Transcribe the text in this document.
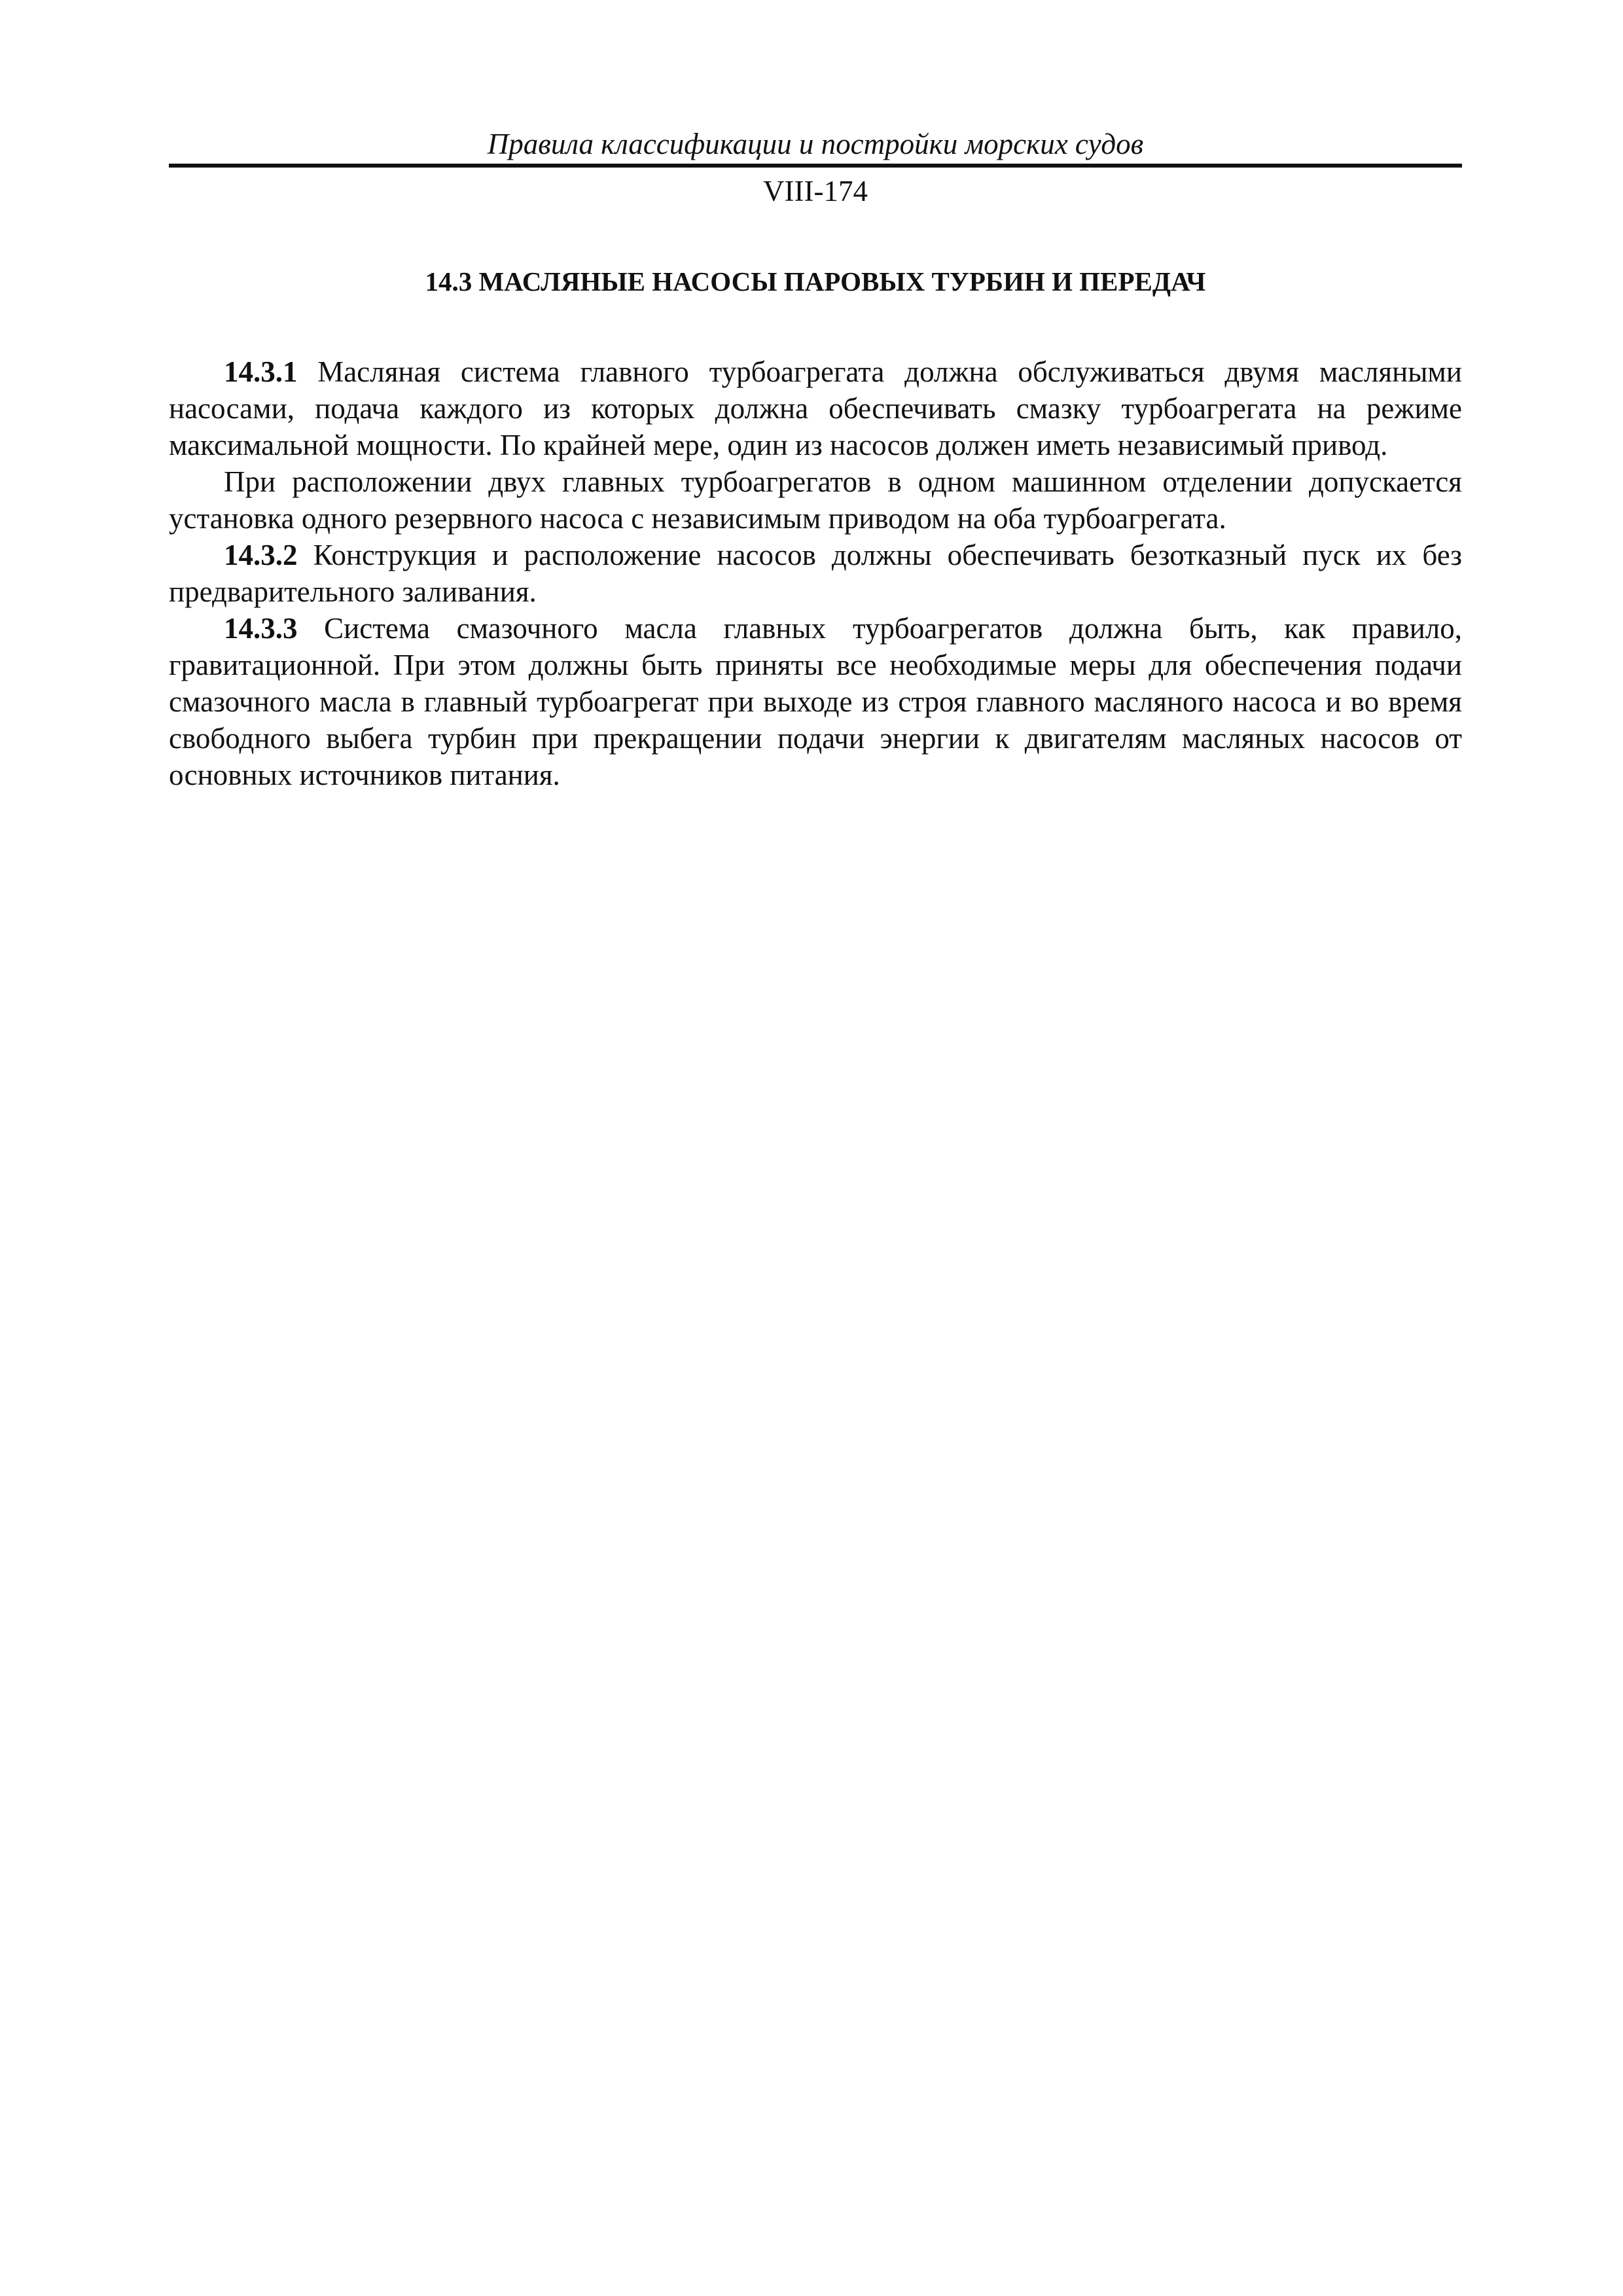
Правила классификации и постройки морских судов
VIII-174
14.3 МАСЛЯНЫЕ НАСОСЫ ПАРОВЫХ ТУРБИН И ПЕРЕДАЧ

14.3.1 Масляная система главного турбоагрегата должна обслуживаться двумя масляными насосами, подача каждого из которых должна обеспечивать смазку турбоагрегата на режиме максимальной мощности. По крайней мере, один из насосов должен иметь независимый привод.

При расположении двух главных турбоагрегатов в одном машинном отделении допускается установка одного резервного насоса с независимым приводом на оба турбоагрегата.

14.3.2 Конструкция и расположение насосов должны обеспечивать безотказный пуск их без предварительного заливания.

14.3.3 Система смазочного масла главных турбоагрегатов должна быть, как правило, гравитационной. При этом должны быть приняты все необходимые меры для обеспечения подачи смазочного масла в главный турбоагрегат при выходе из строя главного масляного насоса и во время свободного выбега турбин при прекращении подачи энергии к двигателям масляных насосов от основных источников питания.
